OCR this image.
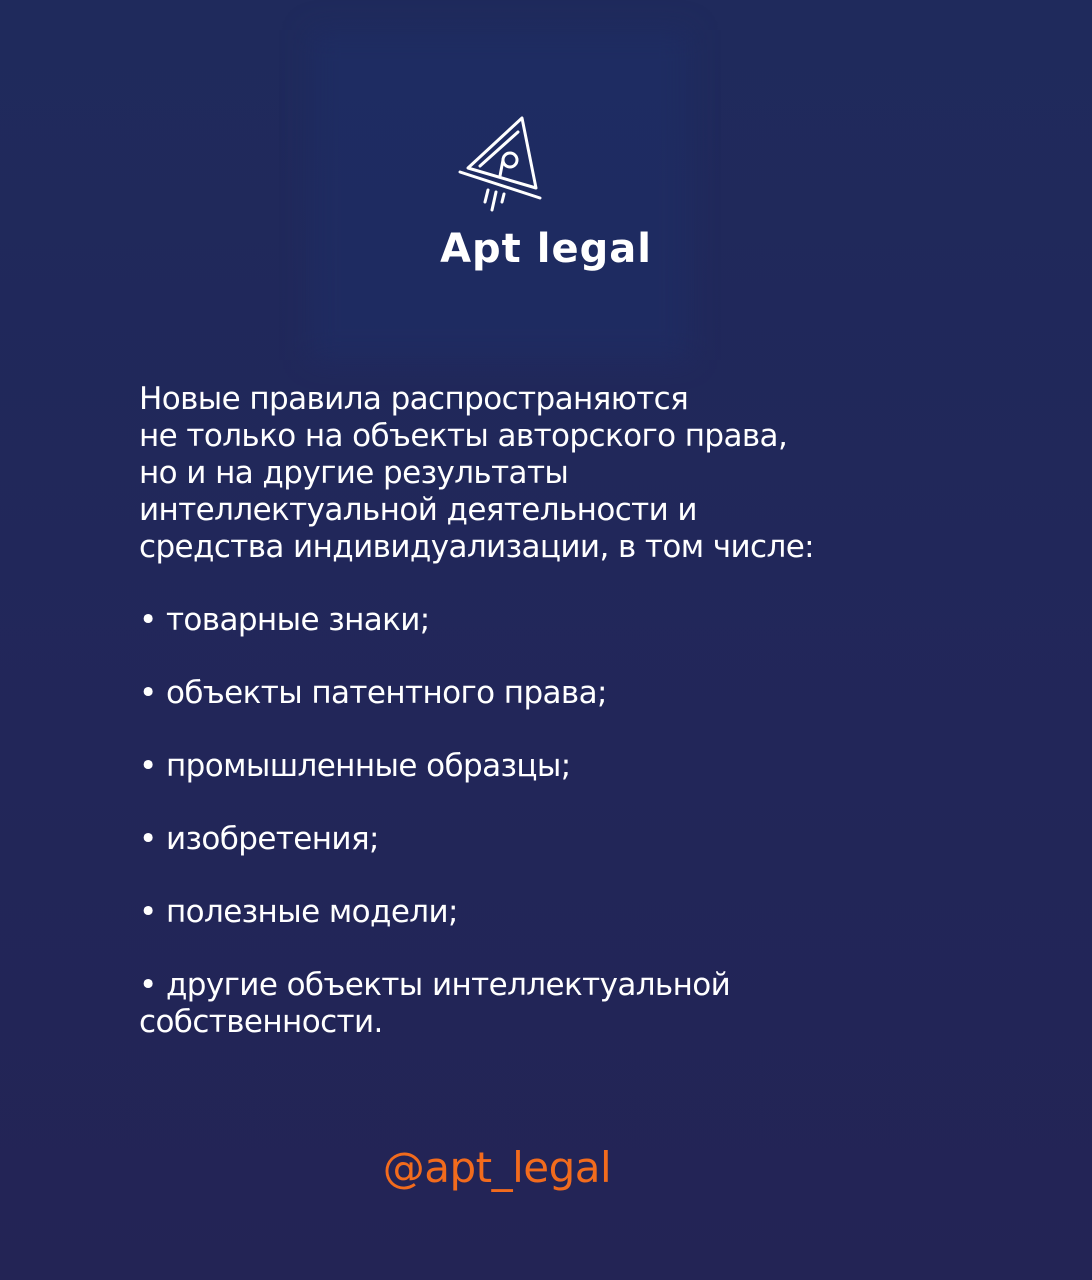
Apt legal

Новые правила распространяются
не только на объекты авторского права,
но и на другие результаты
интеллектуальной деятельности и
средства индивидуализации, в том числе:

• товарные знаки;
• объекты патентного права;
• промышленные образцы;
• изобретения;
• полезные модели;
• другие объекты интеллектуальной
собственности.
@apt_legal
